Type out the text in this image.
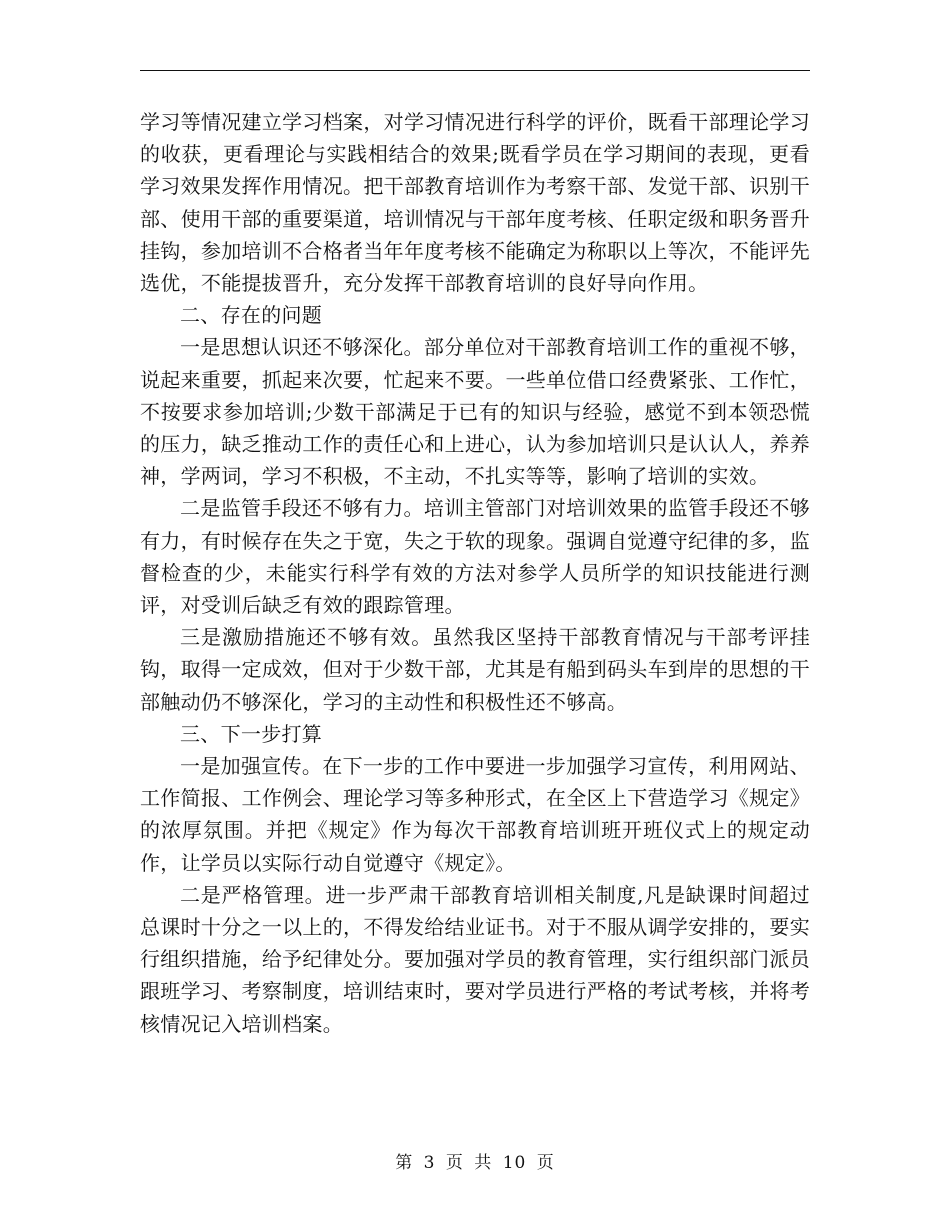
学习等情况建立学习档案，对学习情况进行科学的评价，既看干部理论学习的收获，更看理论与实践相结合的效果;既看学员在学习期间的表现，更看学习效果发挥作用情况。把干部教育培训作为考察干部、发觉干部、识别干部、使用干部的重要渠道，培训情况与干部年度考核、任职定级和职务晋升挂钩，参加培训不合格者当年年度考核不能确定为称职以上等次，不能评先选优，不能提拔晋升，充分发挥干部教育培训的良好导向作用。

二、存在的问题

一是思想认识还不够深化。部分单位对干部教育培训工作的重视不够，说起来重要，抓起来次要，忙起来不要。一些单位借口经费紧张、工作忙，不按要求参加培训;少数干部满足于已有的知识与经验，感觉不到本领恐慌的压力，缺乏推动工作的责任心和上进心，认为参加培训只是认认人，养养神，学两词，学习不积极，不主动，不扎实等等，影响了培训的实效。

二是监管手段还不够有力。培训主管部门对培训效果的监管手段还不够有力，有时候存在失之于宽，失之于软的现象。强调自觉遵守纪律的多，监督检查的少，未能实行科学有效的方法对参学人员所学的知识技能进行测评，对受训后缺乏有效的跟踪管理。

三是激励措施还不够有效。虽然我区坚持干部教育情况与干部考评挂钩，取得一定成效，但对于少数干部，尤其是有船到码头车到岸的思想的干部触动仍不够深化，学习的主动性和积极性还不够高。

三、下一步打算

一是加强宣传。在下一步的工作中要进一步加强学习宣传，利用网站、工作简报、工作例会、理论学习等多种形式，在全区上下营造学习《规定》的浓厚氛围。并把《规定》作为每次干部教育培训班开班仪式上的规定动作，让学员以实际行动自觉遵守《规定》。

二是严格管理。进一步严肃干部教育培训相关制度,凡是缺课时间超过总课时十分之一以上的，不得发给结业证书。对于不服从调学安排的，要实行组织措施，给予纪律处分。要加强对学员的教育管理，实行组织部门派员跟班学习、考察制度，培训结束时，要对学员进行严格的考试考核，并将考核情况记入培训档案。

第 3 页 共 10 页
